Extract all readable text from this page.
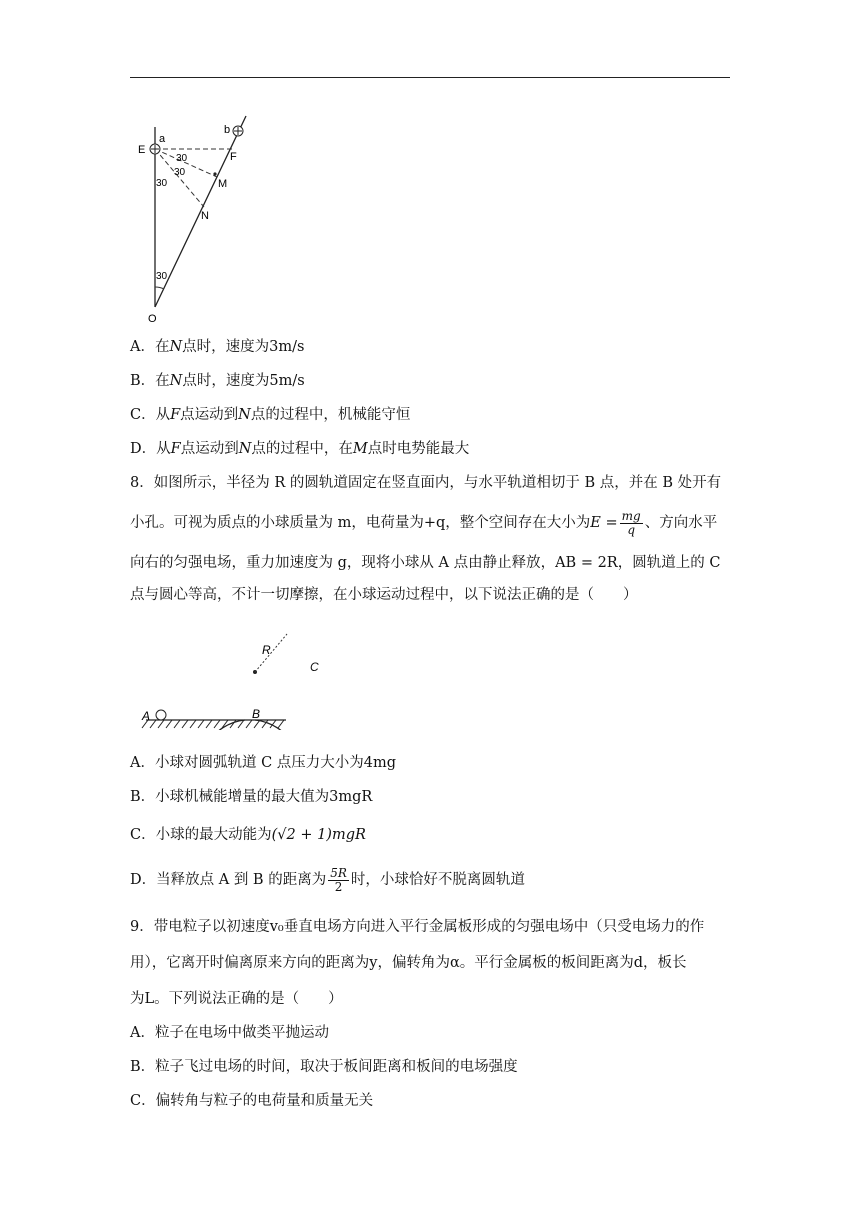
a
b
E
F
M
N
O
30
30
30
30
A．在N点时，速度为3m/s
B．在N点时，速度为5m/s
C．从F点运动到N点的过程中，机械能守恒
D．从F点运动到N点的过程中，在M点时电势能最大
8．如图所示，半径为 R 的圆轨道固定在竖直面内，与水平轨道相切于 B 点，并在 B 处开有
小孔。可视为质点的小球质量为 m，电荷量为+q，整个空间存在大小为$E = \frac{mg}{q}$ 、方向水平
向右的匀强电场，重力加速度为 g，现将小球从 A 点由静止释放，AB = 2R，圆轨道上的 C
点与圆心等高，不计一切摩擦，在小球运动过程中，以下说法正确的是（　　）
R
A	B
C
A．小球对圆弧轨道 C 点压力大小为4mg
B．小球机械能增量的最大值为3mgR
C．小球的最大动能为(√2 + 1)mgR
D．当释放点 A 到 B 的距离为 $\frac{5R}{2}$ 时，小球恰好不脱离圆轨道
9．带电粒子以初速度v₀垂直电场方向进入平行金属板形成的匀强电场中（只受电场力的作
用），它离开时偏离原来方向的距离为y，偏转角为α。平行金属板的板间距离为d，板长
为L。下列说法正确的是（　　）
A．粒子在电场中做类平抛运动
B．粒子飞过电场的时间，取决于板间距离和板间的电场强度
C．偏转角与粒子的电荷量和质量无关
